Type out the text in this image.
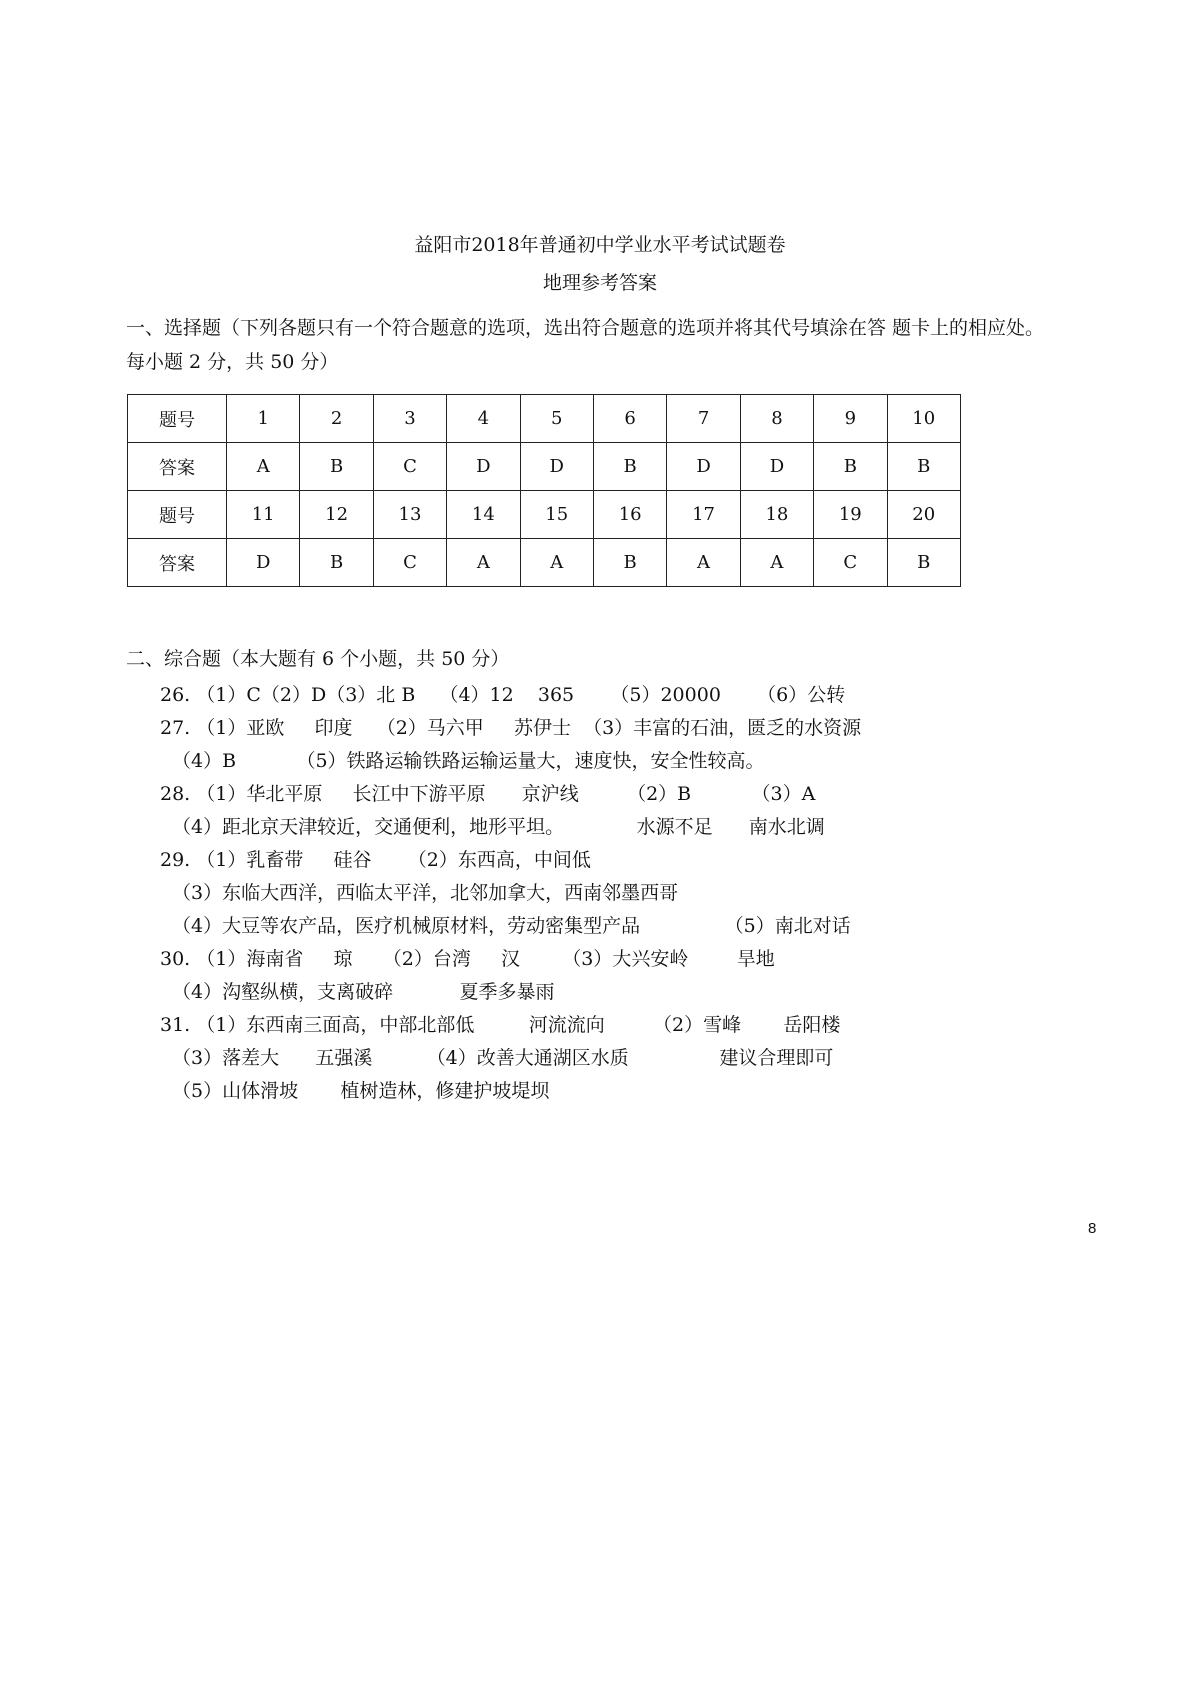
益阳市2018年普通初中学业水平考试试题卷
地理参考答案
一、选择题（下列各题只有一个符合题意的选项，选出符合题意的选项并将其代号填涂在答 题卡上的相应处。
每小题 2 分，共 50 分）
题号	1	2	3	4	5	6	7	8	9	10
答案	A	B	C	D	D	B	D	D	B	B
题号	11	12	13	14	15	16	17	18	19	20
答案	D	B	C	A	A	B	A	A	C	B
二、综合题（本大题有 6 个小题，共 50 分）
26. （1）C（2）D（3）北 B    （4）12    365      （5）20000      （6）公转
27. （1）亚欧     印度    （2）马六甲     苏伊士  （3）丰富的石油，匮乏的水资源
（4）B          （5）铁路运输铁路运输运量大，速度快，安全性较高。
28. （1）华北平原     长江中下游平原      京沪线        （2）B          （3）A
（4）距北京天津较近，交通便利，地形平坦。            水源不足      南水北调
29. （1）乳畜带     硅谷      （2）东西高，中间低
（3）东临大西洋，西临太平洋，北邻加拿大，西南邻墨西哥
（4）大豆等农产品，医疗机械原材料，劳动密集型产品              （5）南北对话
30. （1）海南省     琼     （2）台湾     汉       （3）大兴安岭        旱地
（4）沟壑纵横，支离破碎           夏季多暴雨
31. （1）东西南三面高，中部北部低         河流流向        （2）雪峰       岳阳楼
（3）落差大      五强溪         （4）改善大通湖区水质               建议合理即可
（5）山体滑坡       植树造林，修建护坡堤坝
8
